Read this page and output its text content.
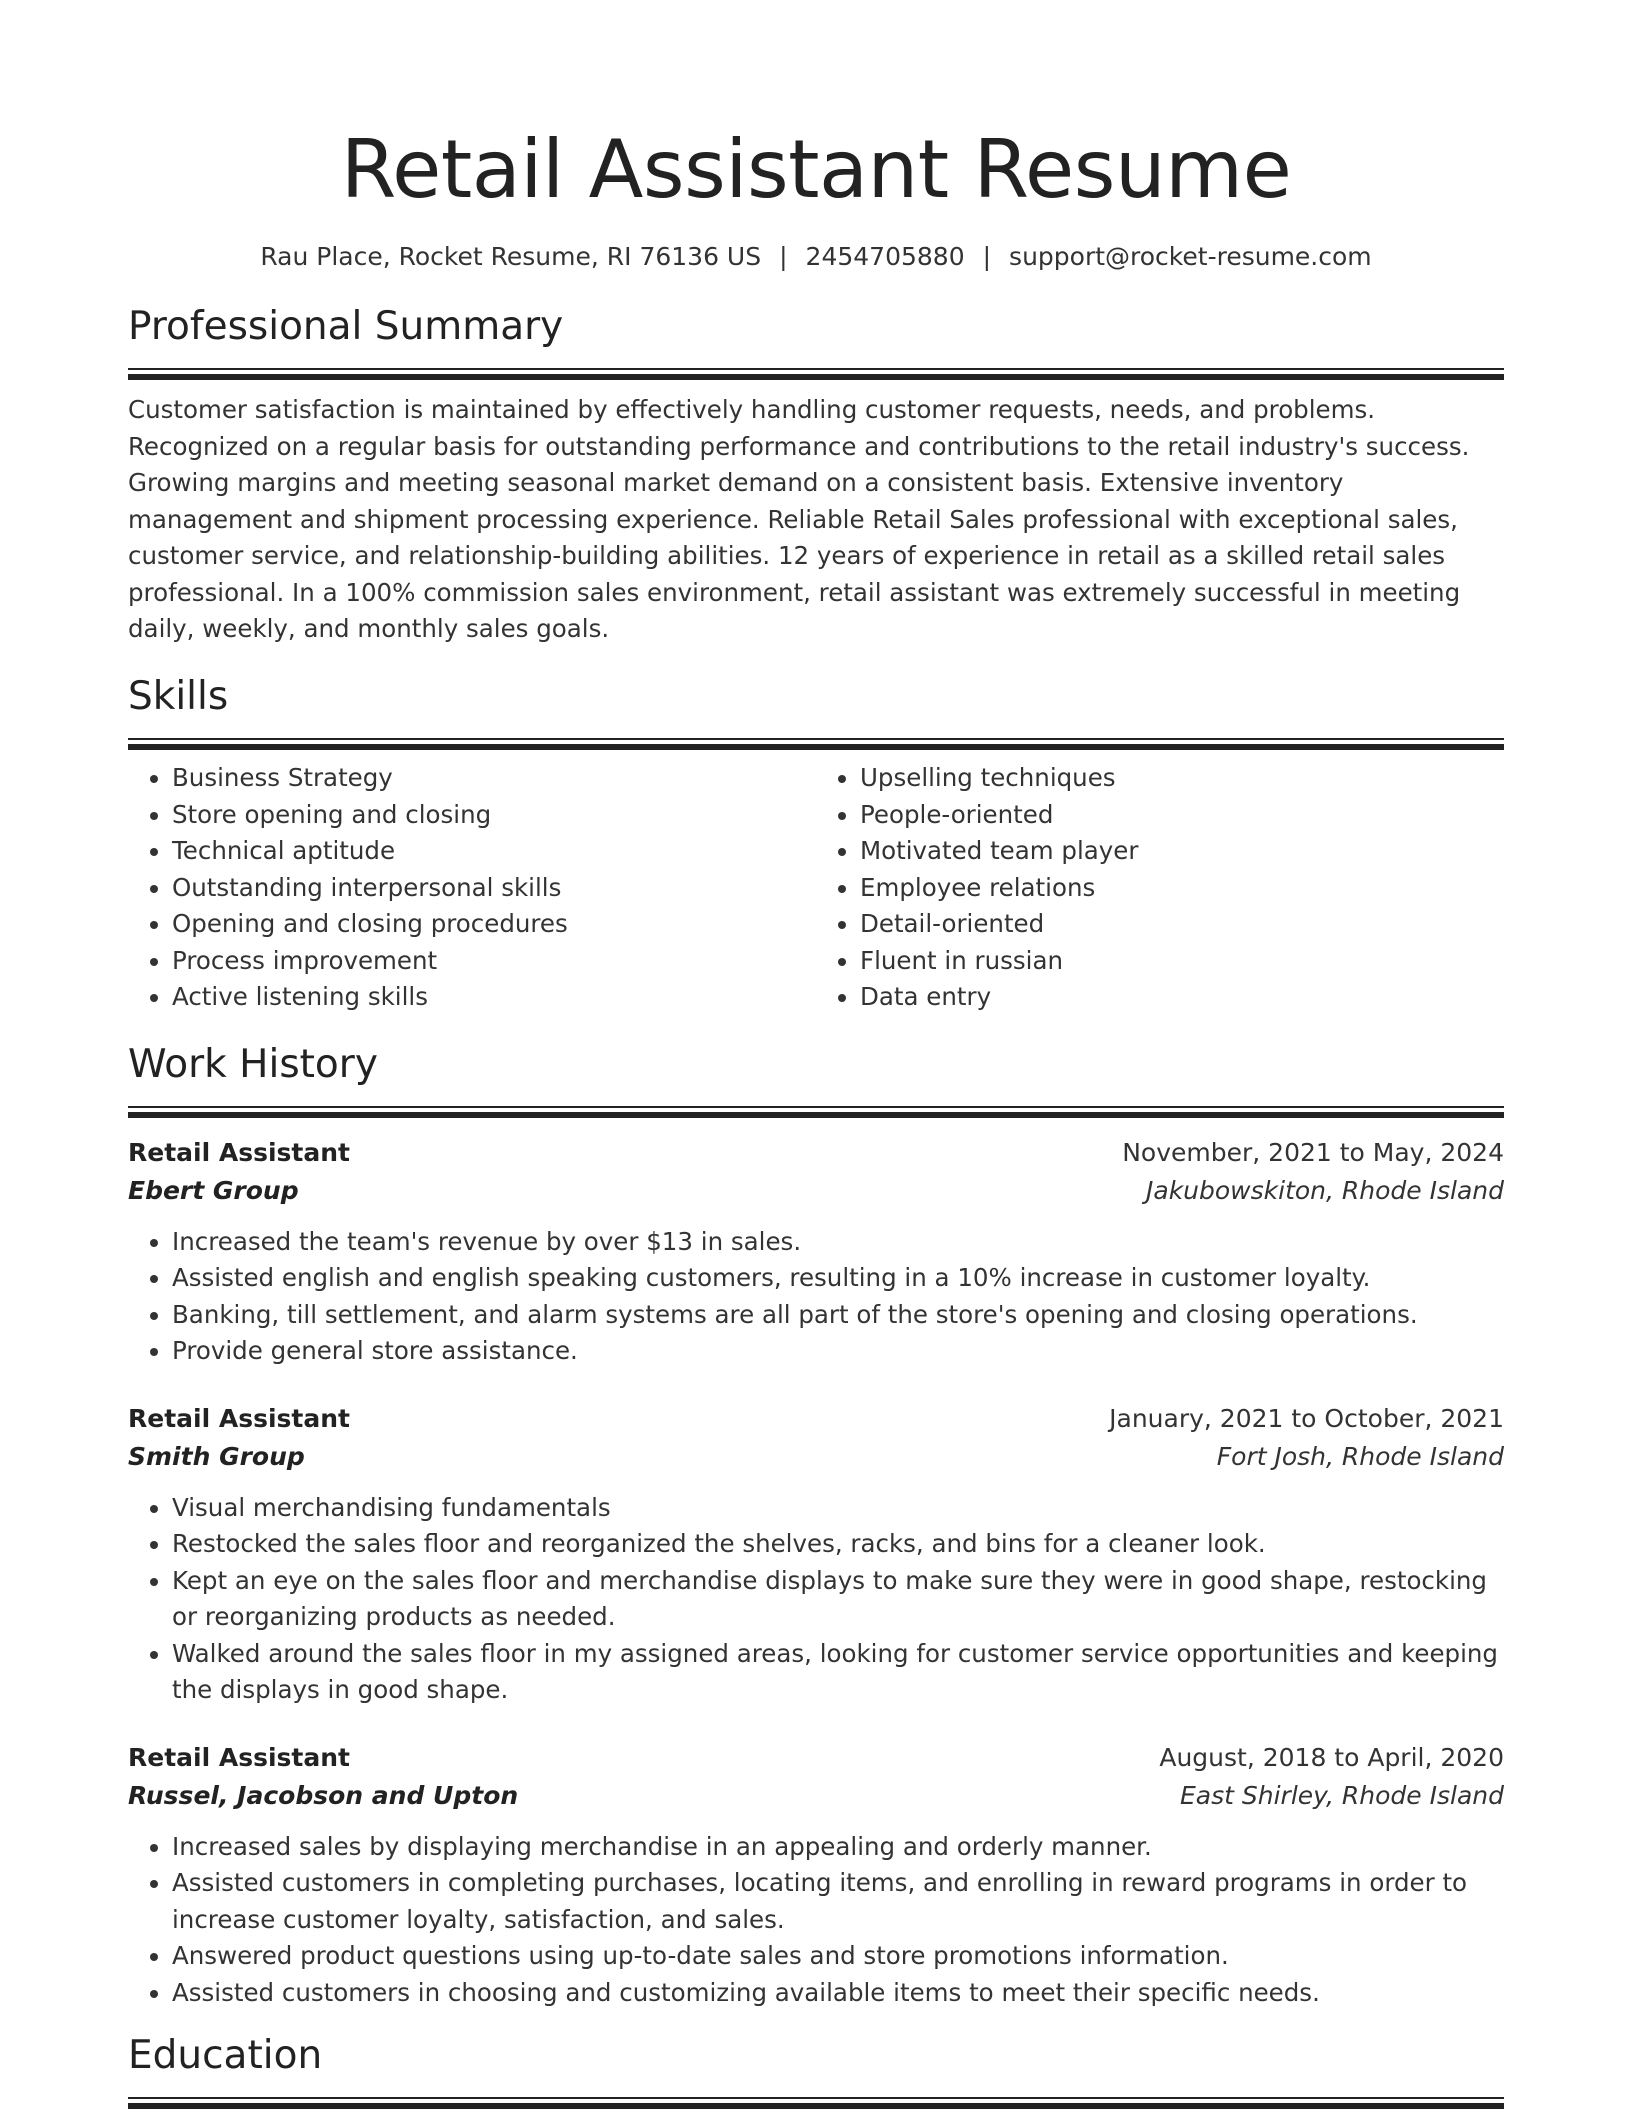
Retail Assistant Resume
Rau Place, Rocket Resume, RI 76136 US | 2454705880 | support@rocket-resume.com
Professional Summary

Customer satisfaction is maintained by effectively handling customer requests, needs, and problems. Recognized on a regular basis for outstanding performance and contributions to the retail industry's success. Growing margins and meeting seasonal market demand on a consistent basis. Extensive inventory management and shipment processing experience. Reliable Retail Sales professional with exceptional sales, customer service, and relationship-building abilities. 12 years of experience in retail as a skilled retail sales professional. In a 100% commission sales environment, retail assistant was extremely successful in meeting daily, weekly, and monthly sales goals.

Skills
• Business Strategy
• Store opening and closing
• Technical aptitude
• Outstanding interpersonal skills
• Opening and closing procedures
• Process improvement
• Active listening skills
• Upselling techniques
• People-oriented
• Motivated team player
• Employee relations
• Detail-oriented
• Fluent in russian
• Data entry
Work History
Retail Assistant	November, 2021 to May, 2024
Ebert Group	Jakubowskiton, Rhode Island
• Increased the team's revenue by over $13 in sales.
• Assisted english and english speaking customers, resulting in a 10% increase in customer loyalty.
• Banking, till settlement, and alarm systems are all part of the store's opening and closing operations.
• Provide general store assistance.
Retail Assistant	January, 2021 to October, 2021
Smith Group	Fort Josh, Rhode Island
• Visual merchandising fundamentals
• Restocked the sales floor and reorganized the shelves, racks, and bins for a cleaner look.
• Kept an eye on the sales floor and merchandise displays to make sure they were in good shape, restocking or reorganizing products as needed.
• Walked around the sales floor in my assigned areas, looking for customer service opportunities and keeping the displays in good shape.
Retail Assistant	August, 2018 to April, 2020
Russel, Jacobson and Upton	East Shirley, Rhode Island
• Increased sales by displaying merchandise in an appealing and orderly manner.
• Assisted customers in completing purchases, locating items, and enrolling in reward programs in order to increase customer loyalty, satisfaction, and sales.
• Answered product questions using up-to-date sales and store promotions information.
• Assisted customers in choosing and customizing available items to meet their specific needs.
Education
